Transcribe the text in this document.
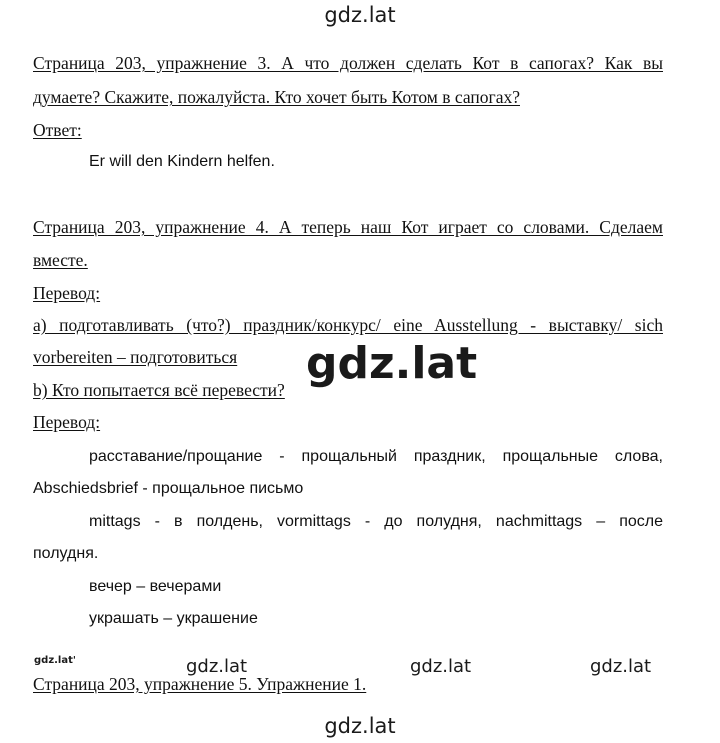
gdz.lat
Страница 203, упражнение 3. А что должен сделать Кот в сапогах? Как вы
думаете? Скажите, пожалуйста. Кто хочет быть Котом в сапогах?
Ответ:
Er will den Kindern helfen.
Страница 203, упражнение 4. А теперь наш Кот играет со словами. Сделаем
вместе.
Перевод:
а) подготавливать (что?) праздник/конкурс/ eine Ausstellung - выставку/ sich
vorbereiten – подготовиться
b) Кто попытается всё перевести?
Перевод:
расставание/прощание - прощальный праздник, прощальные слова,
Abschiedsbrief - прощальное письмо
mittags - в полдень, vormittags - до полудня, nachmittags – после
полудня.
вечер – вечерами
украшать – украшение
gdz.lat
gdz.lat'	gdz.lat	gdz.lat	gdz.lat
Страница 203, упражнение 5. Упражнение 1.
gdz.lat
